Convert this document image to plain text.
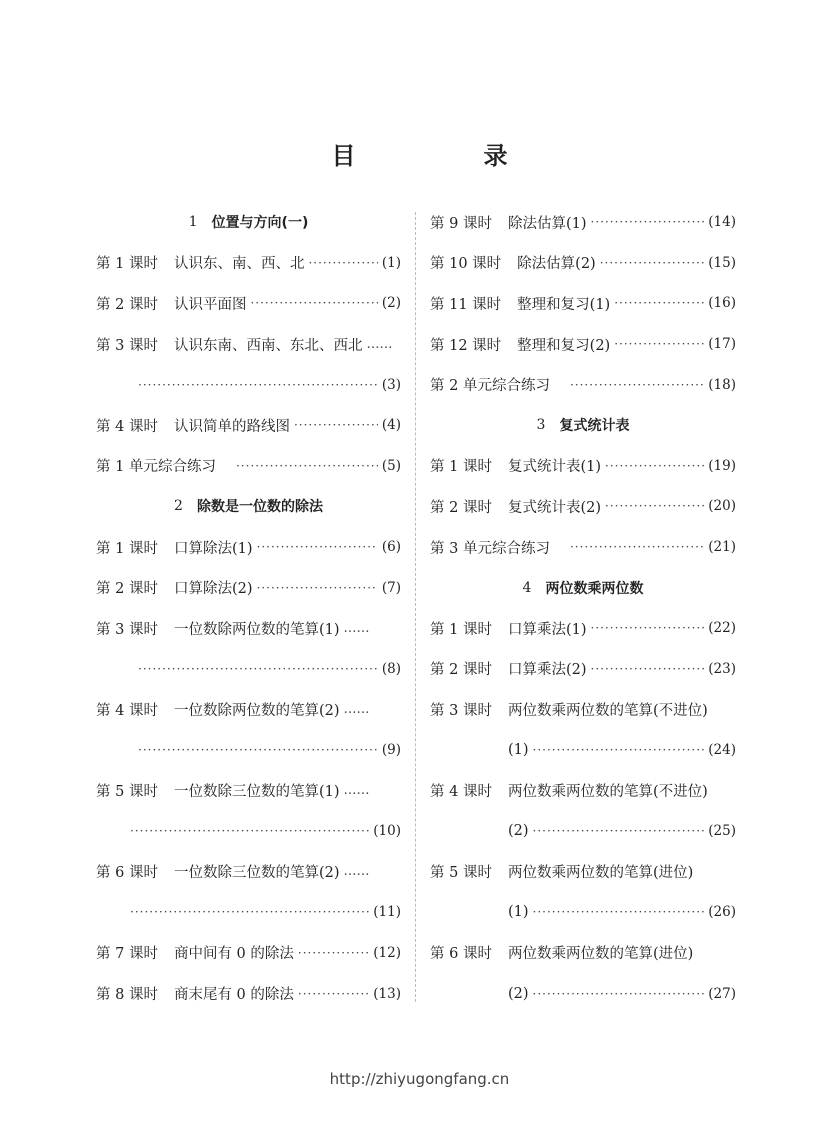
目　录
1 位置与方向(一)
第 1 课时 认识东、南、西、北 ·····	(1)
第 2 课时 认识平面图 ·····	(2)
第 3 课时 认识东南、西南、东北、西北 ……
·····
(3)
第 4 课时 认识简单的路线图 ·····	(4)
第 1 单元综合练习 ·····	(5)
2 除数是一位数的除法
第 1 课时 口算除法(1) ·····	(6)
第 2 课时 口算除法(2) ·····	(7)
第 3 课时 一位数除两位数的笔算(1) ……
·····
(8)
第 4 课时 一位数除两位数的笔算(2) ……
·····
(9)
第 5 课时 一位数除三位数的笔算(1) ……
·····
(10)
第 6 课时 一位数除三位数的笔算(2) ……
·····
(11)
第 7 课时 商中间有 0 的除法 ·····	(12)
第 8 课时 商末尾有 0 的除法 ·····	(13)
第 9 课时 除法估算(1) ·····	(14)
第 10 课时 除法估算(2) ·····	(15)
第 11 课时 整理和复习(1) ·····	(16)
第 12 课时 整理和复习(2) ·····	(17)
第 2 单元综合练习 ·····	(18)
3 复式统计表
第 1 课时 复式统计表(1) ·····	(19)
第 2 课时 复式统计表(2) ·····	(20)
第 3 单元综合练习 ·····	(21)
4 两位数乘两位数
第 1 课时 口算乘法(1) ·····	(22)
第 2 课时 口算乘法(2) ·····	(23)
第 3 课时 两位数乘两位数的笔算(不进位)
(1) ·····	(24)
第 4 课时 两位数乘两位数的笔算(不进位)
(2) ·····	(25)
第 5 课时 两位数乘两位数的笔算(进位)
(1) ·····	(26)
第 6 课时 两位数乘两位数的笔算(进位)
(2) ·····	(27)
http://zhiyugongfang.cn
